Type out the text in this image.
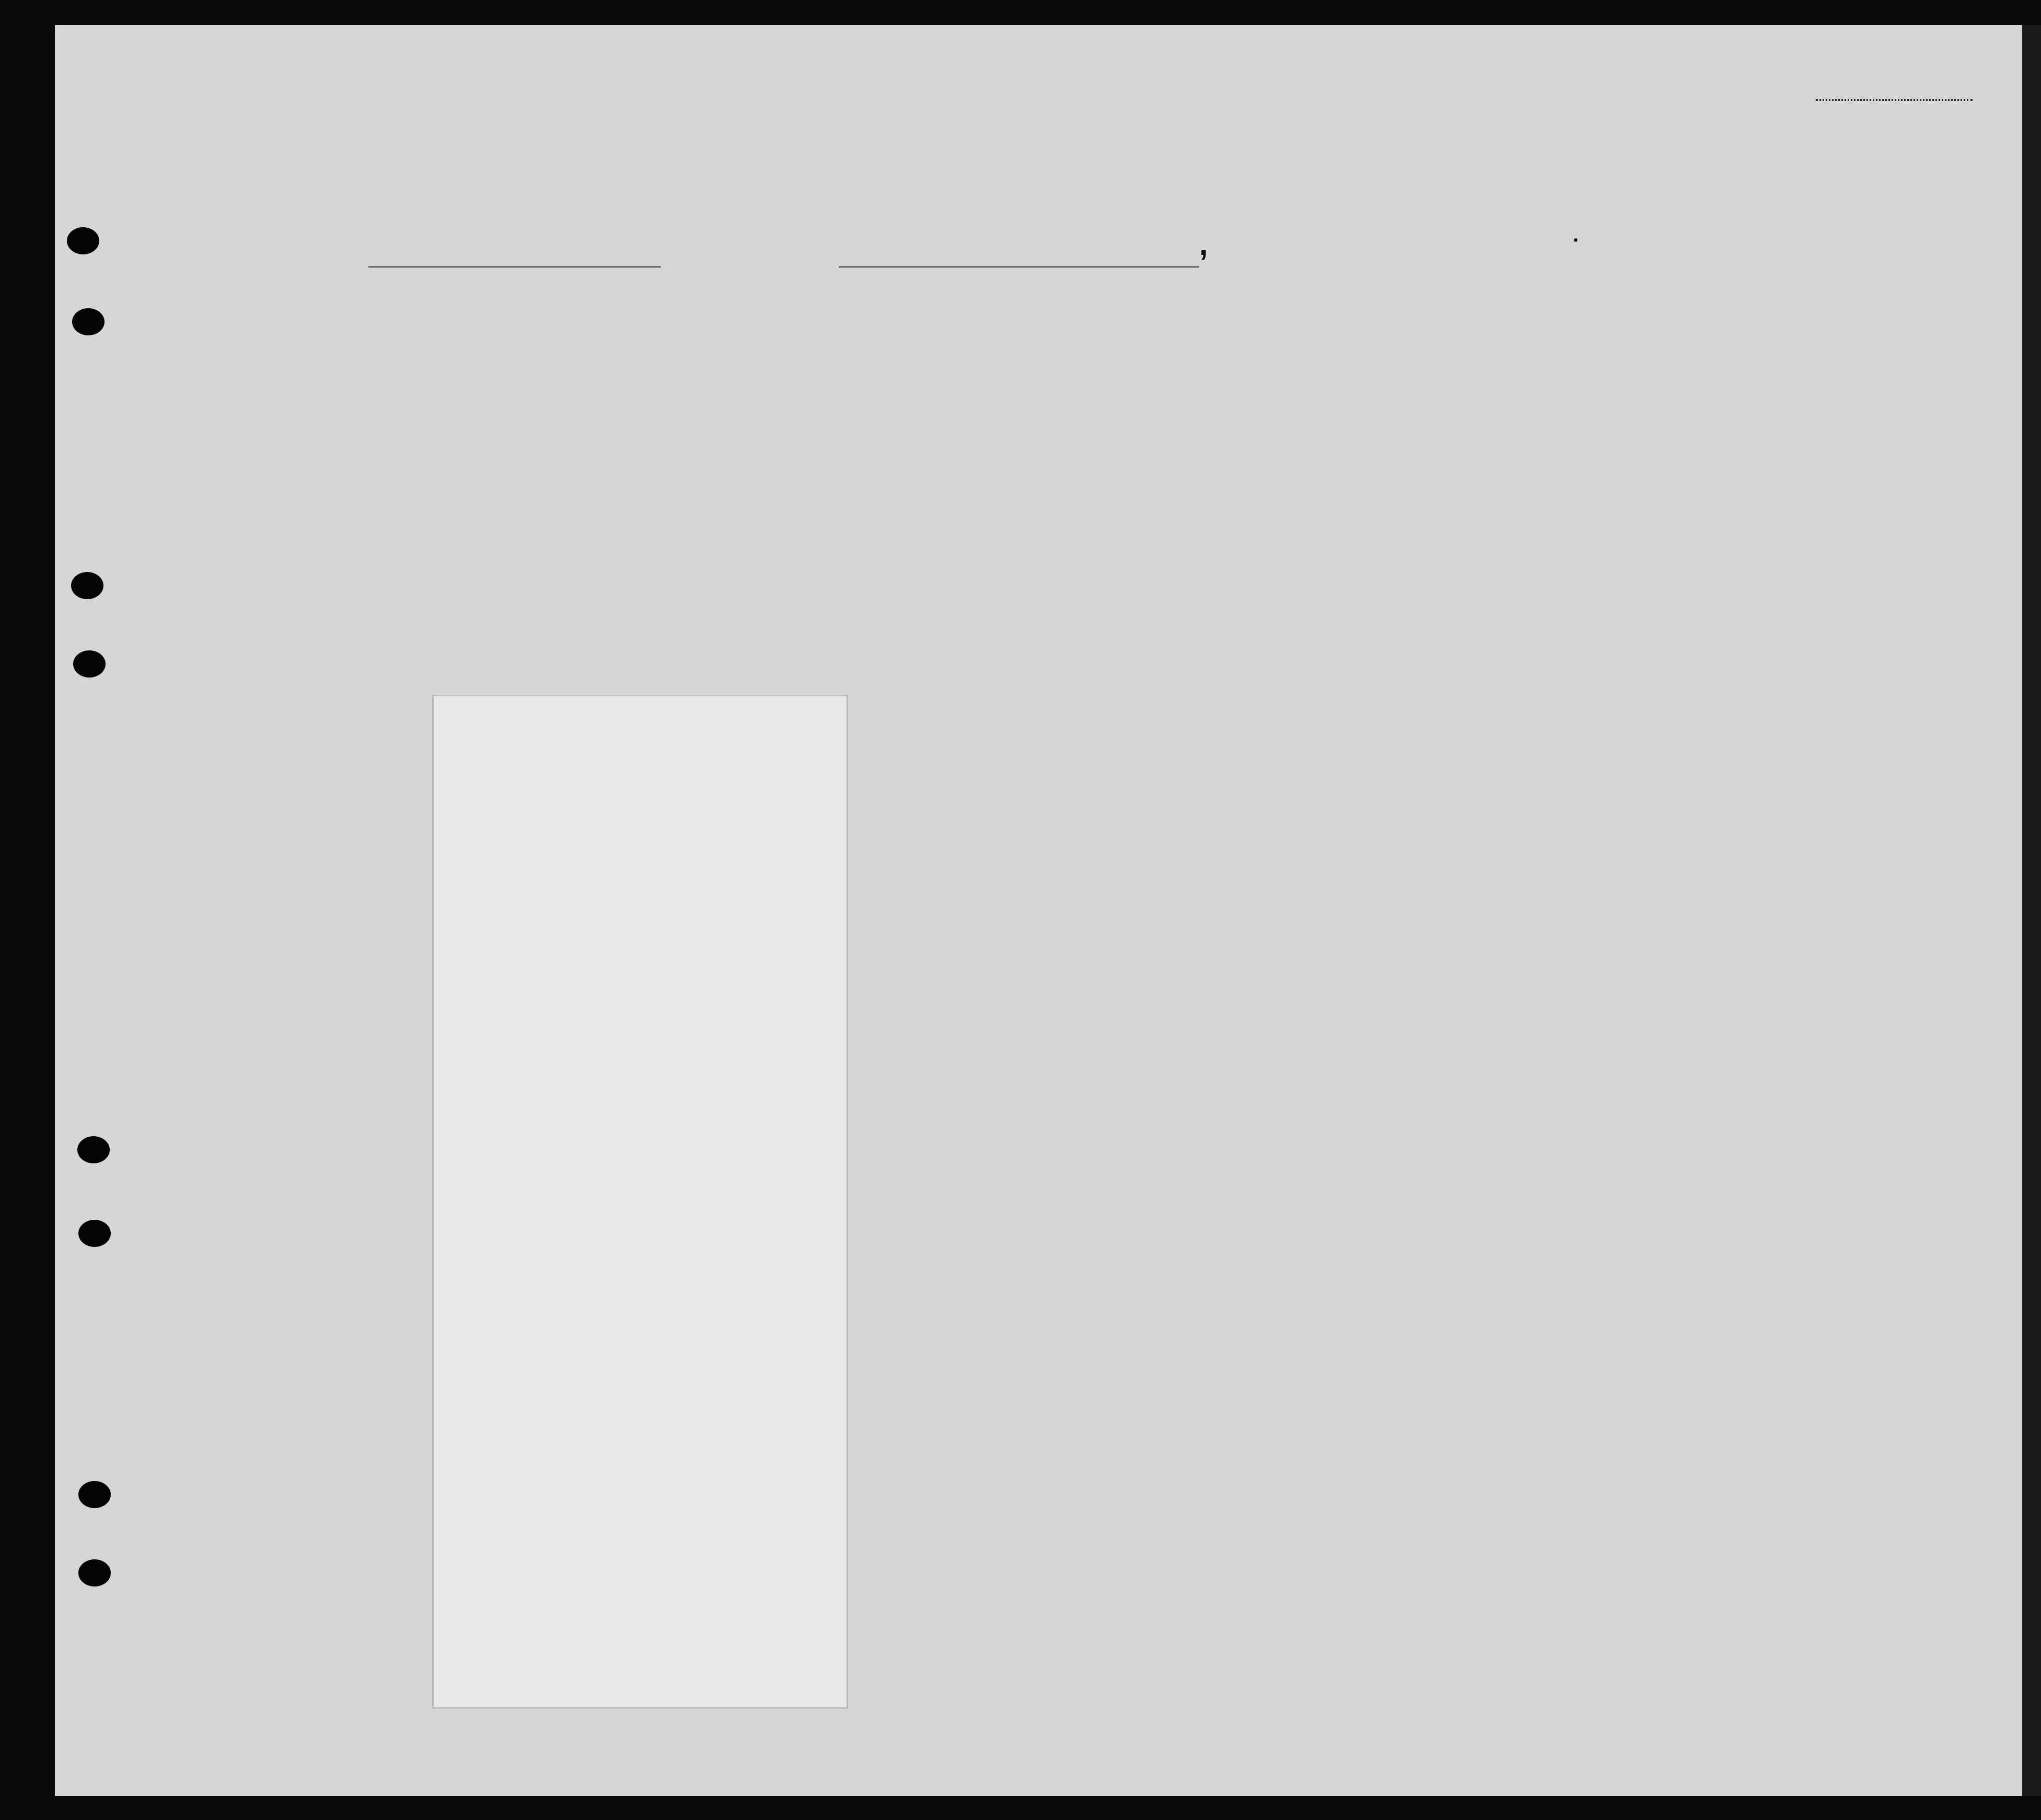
,	·
